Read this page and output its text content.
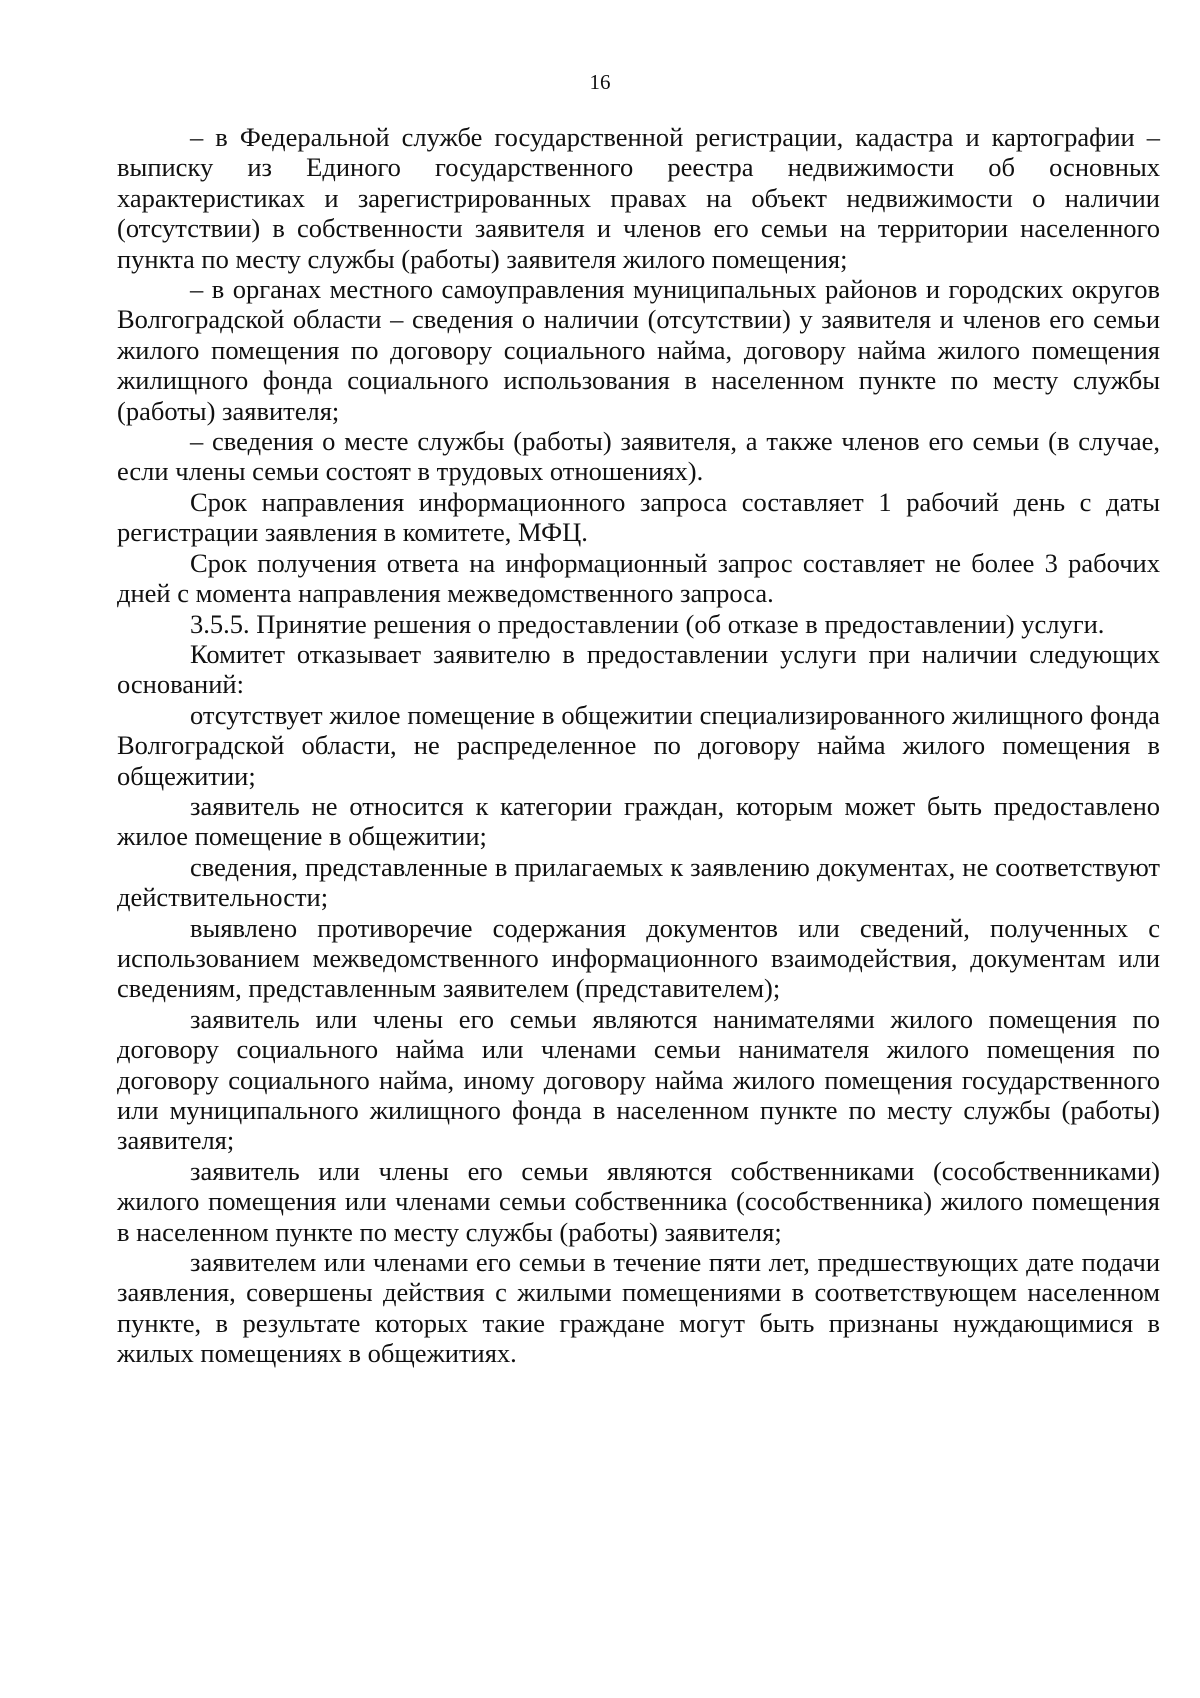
16

– в Федеральной службе государственной регистрации, кадастра и картографии – выписку из Единого государственного реестра недвижимости об основных характеристиках и зарегистрированных правах на объект недвижимости о наличии (отсутствии) в собственности заявителя и членов его семьи на территории населенного пункта по месту службы (работы) заявителя жилого помещения;

– в органах местного самоуправления муниципальных районов и городских округов Волгоградской области – сведения о наличии (отсутствии) у заявителя и членов его семьи жилого помещения по договору социального найма, договору найма жилого помещения жилищного фонда социального использования в населенном пункте по месту службы (работы) заявителя;

– сведения о месте службы (работы) заявителя, а также членов его семьи (в случае, если члены семьи состоят в трудовых отношениях).

Срок направления информационного запроса составляет 1 рабочий день с даты регистрации заявления в комитете, МФЦ.

Срок получения ответа на информационный запрос составляет не более 3 рабочих дней с момента направления межведомственного запроса.

3.5.5. Принятие решения о предоставлении (об отказе в предоставлении) услуги.

Комитет отказывает заявителю в предоставлении услуги при наличии следующих оснований:

отсутствует жилое помещение в общежитии специализированного жилищного фонда Волгоградской области, не распределенное по договору найма жилого помещения в общежитии;

заявитель не относится к категории граждан, которым может быть предоставлено жилое помещение в общежитии;

сведения, представленные в прилагаемых к заявлению документах, не соответствуют действительности;

выявлено противоречие содержания документов или сведений, полученных с использованием межведомственного информационного взаимодействия, документам или сведениям, представленным заявителем (представителем);

заявитель или члены его семьи являются нанимателями жилого помещения по договору социального найма или членами семьи нанимателя жилого помещения по договору социального найма, иному договору найма жилого помещения государственного или муниципального жилищного фонда в населенном пункте по месту службы (работы) заявителя;

заявитель или члены его семьи являются собственниками (сособственниками) жилого помещения или членами семьи собственника (сособственника) жилого помещения в населенном пункте по месту службы (работы) заявителя;

заявителем или членами его семьи в течение пяти лет, предшествующих дате подачи заявления, совершены действия с жилыми помещениями в соответствующем населенном пункте, в результате которых такие граждане могут быть признаны нуждающимися в жилых помещениях в общежитиях.
